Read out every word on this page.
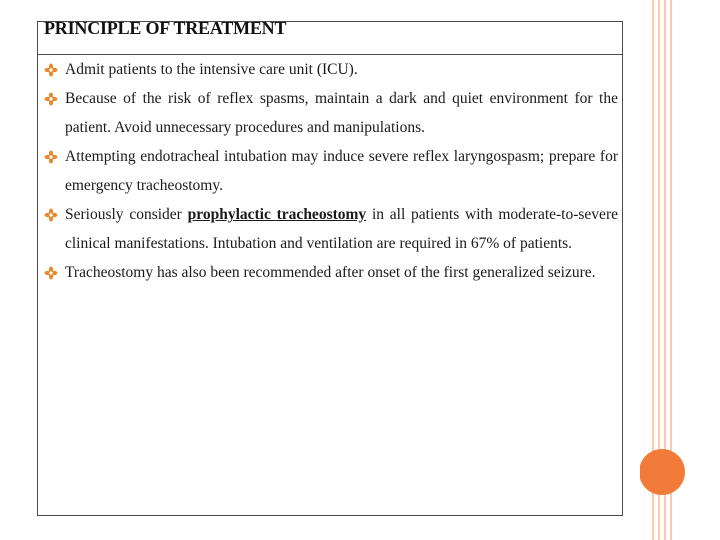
PRINCIPLE OF TREATMENT
Admit patients to the intensive care unit (ICU).
Because of the risk of reflex spasms, maintain a dark and quiet environment for the patient. Avoid unnecessary procedures and manipulations.
Attempting endotracheal intubation may induce severe reflex laryngospasm; prepare for emergency tracheostomy.
Seriously consider prophylactic tracheostomy in all patients with moderate-to-severe clinical manifestations. Intubation and ventilation are required in 67% of patients.
Tracheostomy has also been recommended after onset of the first generalized seizure.
